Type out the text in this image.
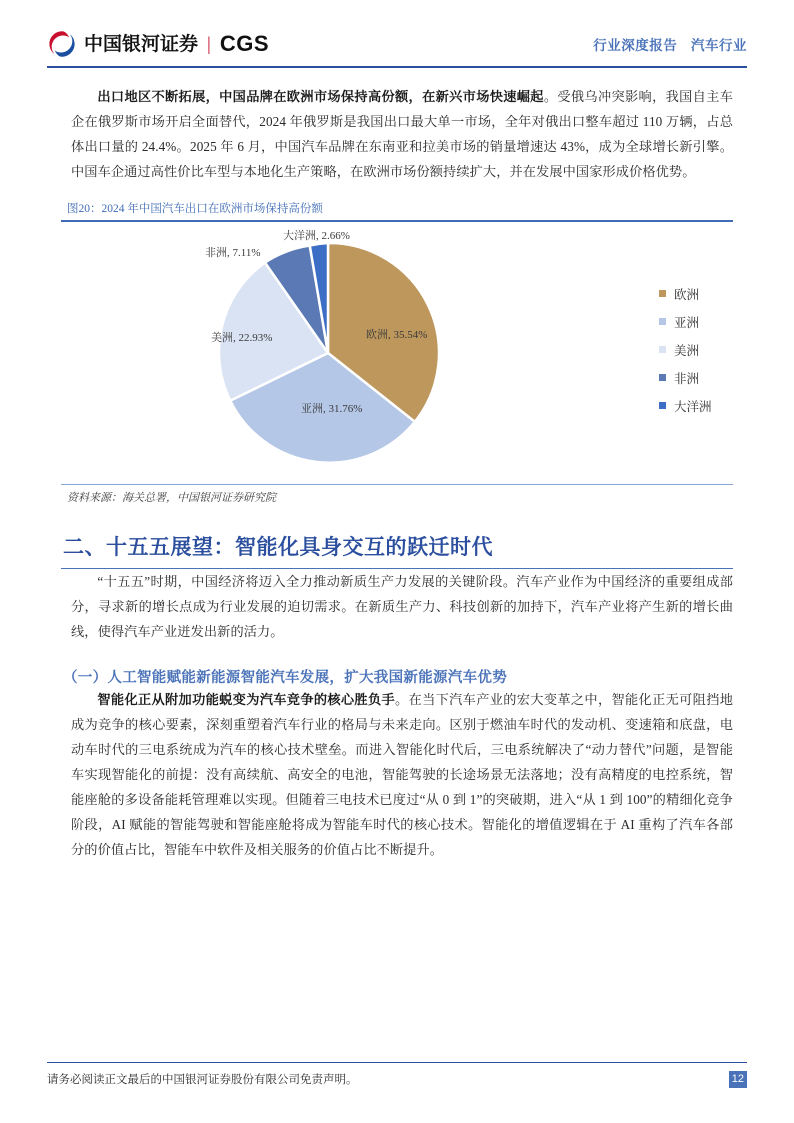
中国银河证券 | CGS	行业深度报告 汽车行业

出口地区不断拓展，中国品牌在欧洲市场保持高份额，在新兴市场快速崛起。受俄乌冲突影响，我国自主车企在俄罗斯市场开启全面替代，2024 年俄罗斯是我国出口最大单一市场，全年对俄出口整车超过 110 万辆，占总体出口量的 24.4%。2025 年 6 月，中国汽车品牌在东南亚和拉美市场的销量增速达 43%，成为全球增长新引擎。中国车企通过高性价比车型与本地化生产策略，在欧洲市场份额持续扩大，并在发展中国家形成价格优势。

图20：2024 年中国汽车出口在欧洲市场保持高份额
欧洲, 35.54%
亚洲, 31.76%
美洲, 22.93%
非洲, 7.11%
大洋洲, 2.66%
欧洲
亚洲
美洲
非洲
大洋洲
资料来源：海关总署，中国银河证券研究院
二、十五五展望：智能化具身交互的跃迁时代

“十五五”时期，中国经济将迈入全力推动新质生产力发展的关键阶段。汽车产业作为中国经济的重要组成部分，寻求新的增长点成为行业发展的迫切需求。在新质生产力、科技创新的加持下，汽车产业将产生新的增长曲线，使得汽车产业迸发出新的活力。

（一）人工智能赋能新能源智能汽车发展，扩大我国新能源汽车优势

智能化正从附加功能蜕变为汽车竞争的核心胜负手。在当下汽车产业的宏大变革之中，智能化正无可阻挡地成为竞争的核心要素，深刻重塑着汽车行业的格局与未来走向。区别于燃油车时代的发动机、变速箱和底盘，电动车时代的三电系统成为汽车的核心技术壁垒。而进入智能化时代后，三电系统解决了“动力替代”问题，是智能车实现智能化的前提：没有高续航、高安全的电池，智能驾驶的长途场景无法落地；没有高精度的电控系统，智能座舱的多设备能耗管理难以实现。但随着三电技术已度过“从 0 到 1”的突破期，进入“从 1 到 100”的精细化竞争阶段，AI 赋能的智能驾驶和智能座舱将成为智能车时代的核心技术。智能化的增值逻辑在于 AI 重构了汽车各部分的价值占比，智能车中软件及相关服务的价值占比不断提升。

请务必阅读正文最后的中国银河证券股份有限公司免责声明。	12
